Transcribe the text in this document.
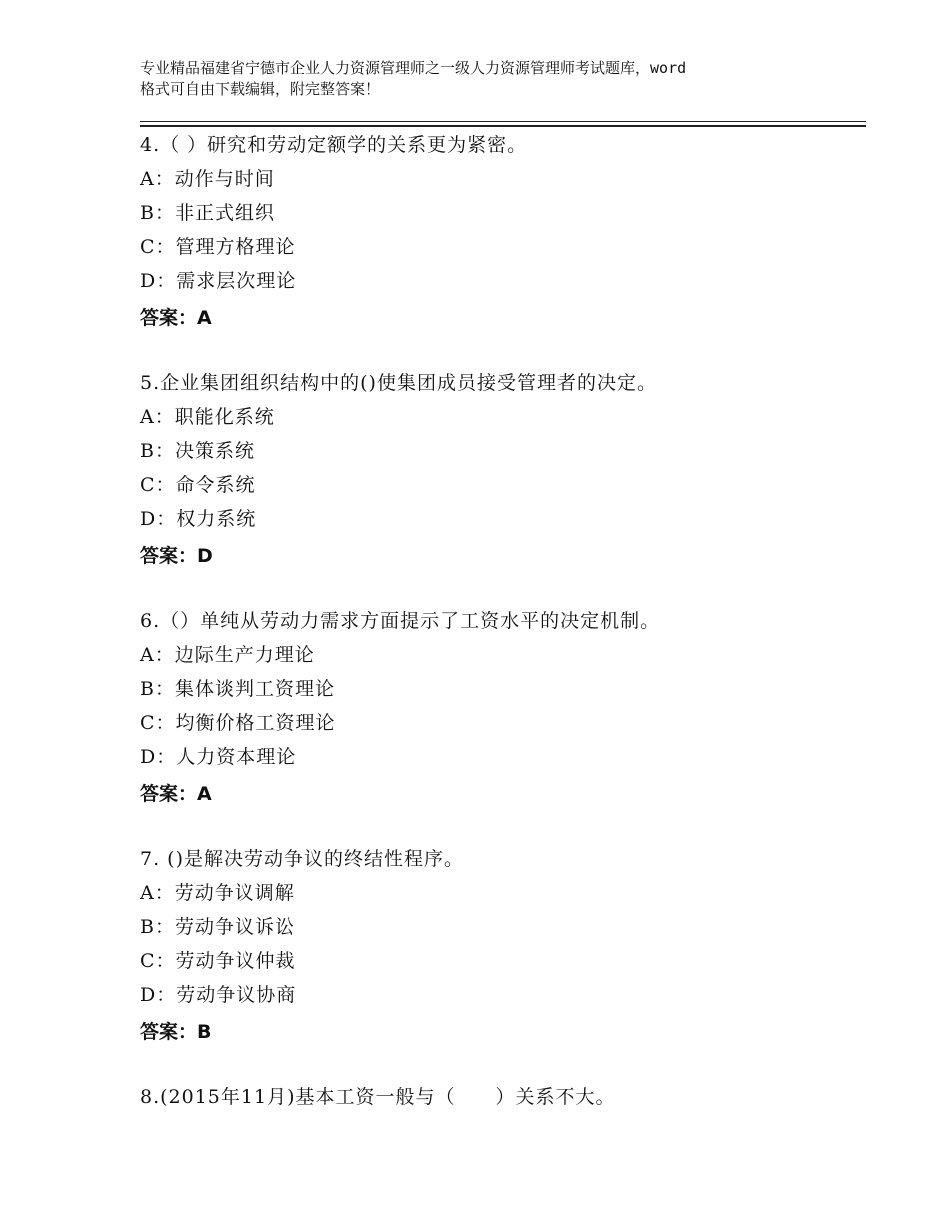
专业精品福建省宁德市企业人力资源管理师之一级人力资源管理师考试题库，word
格式可自由下载编辑，附完整答案！
4.（ ）研究和劳动定额学的关系更为紧密。
A：动作与时间
B：非正式组织
C：管理方格理论
D：需求层次理论
答案：A
5.企业集团组织结构中的()使集团成员接受管理者的决定。
A：职能化系统
B：决策系统
C：命令系统
D：权力系统
答案：D
6.（）单纯从劳动力需求方面提示了工资水平的决定机制。
A：边际生产力理论
B：集体谈判工资理论
C：均衡价格工资理论
D：人力资本理论
答案：A
7. ()是解决劳动争议的终结性程序。
A：劳动争议调解
B：劳动争议诉讼
C：劳动争议仲裁
D：劳动争议协商
答案：B
8.(2015年11月)基本工资一般与（　　）关系不大。
